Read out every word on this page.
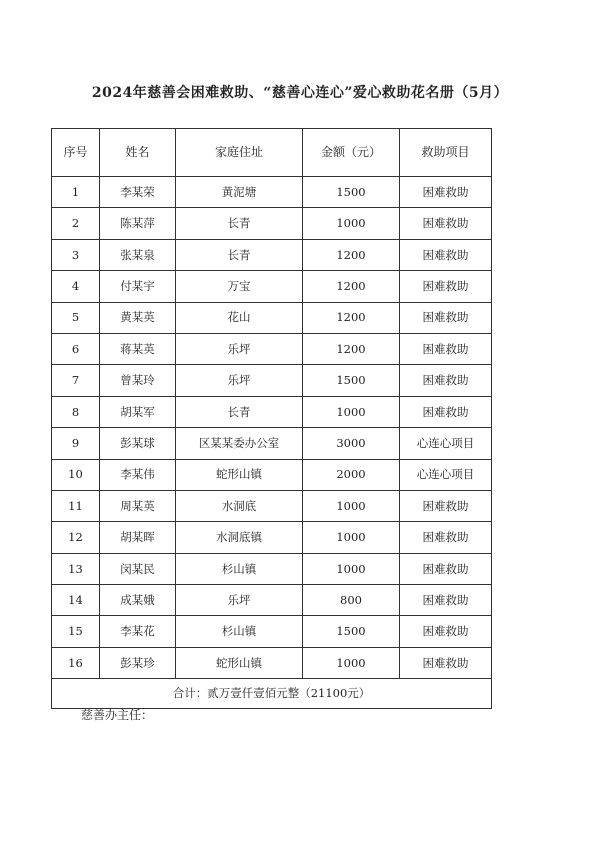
2024年慈善会困难救助、“慈善心连心”爱心救助花名册（5月）
序号	姓名	家庭住址	金额（元）	救助项目
1	李某荣	黄泥塘	1500	困难救助
2	陈某萍	长青	1000	困难救助
3	张某泉	长青	1200	困难救助
4	付某宇	万宝	1200	困难救助
5	黄某英	花山	1200	困难救助
6	蒋某英	乐坪	1200	困难救助
7	曾某玲	乐坪	1500	困难救助
8	胡某军	长青	1000	困难救助
9	彭某球	区某某委办公室	3000	心连心项目
10	李某伟	蛇形山镇	2000	心连心项目
11	周某英	水洞底	1000	困难救助
12	胡某晖	水洞底镇	1000	困难救助
13	闵某民	杉山镇	1000	困难救助
14	成某娥	乐坪	800	困难救助
15	李某花	杉山镇	1500	困难救助
16	彭某珍	蛇形山镇	1000	困难救助
合计：贰万壹仟壹佰元整（21100元）				
慈善办主任：
